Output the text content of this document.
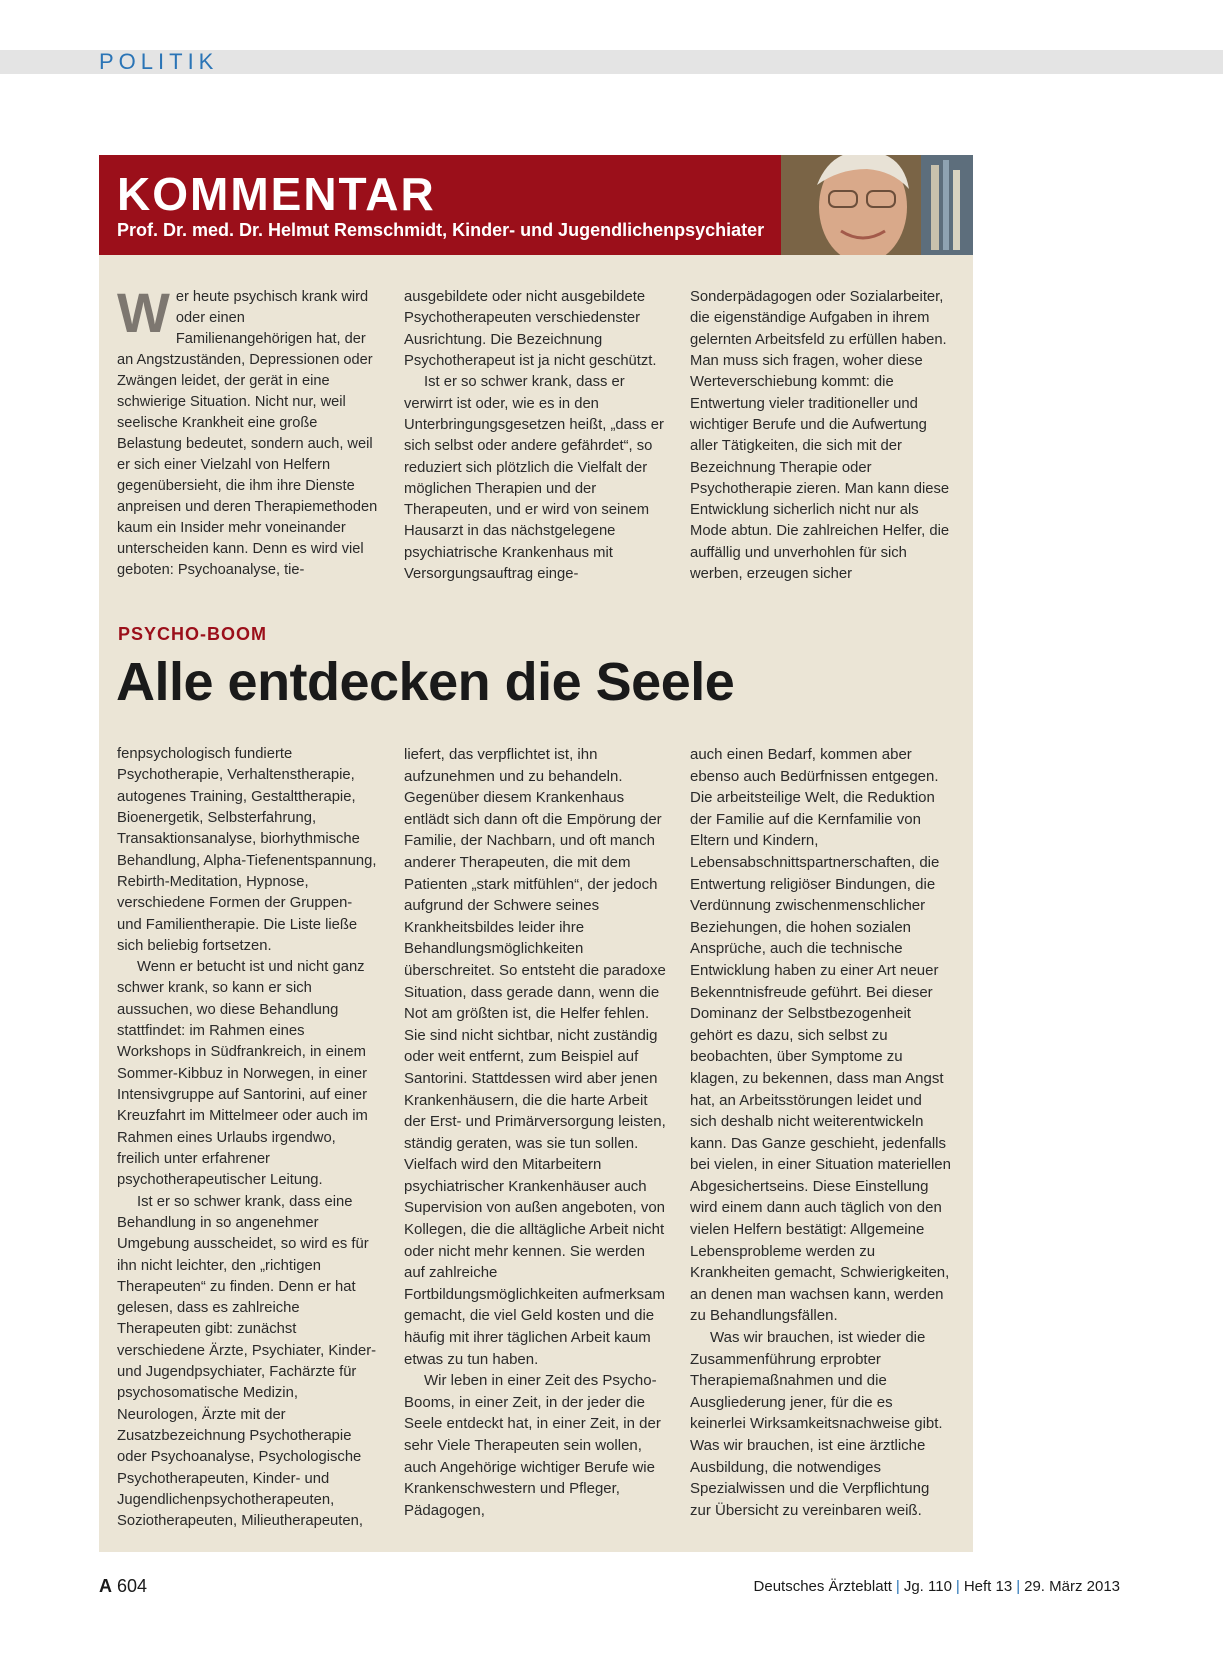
POLITIK
KOMMENTAR
Prof. Dr. med. Dr. Helmut Remschmidt, Kinder- und Jugendlichenpsychiater
W er heute psychisch krank wird oder einen Familienangehörigen hat, der an Angstzuständen, Depressionen oder Zwängen leidet, der gerät in eine schwierige Situation. Nicht nur, weil seelische Krankheit eine große Belastung bedeutet, sondern auch, weil er sich einer Vielzahl von Helfern gegenübersieht, die ihm ihre Dienste anpreisen und deren Therapiemethoden kaum ein Insider mehr voneinander unterscheiden kann. Denn es wird viel geboten: Psychoanalyse, tie-

ausgebildete oder nicht ausgebildete Psychotherapeuten verschiedenster Ausrichtung. Die Bezeichnung Psychotherapeut ist ja nicht geschützt.

Ist er so schwer krank, dass er verwirrt ist oder, wie es in den Unterbringungsgesetzen heißt, „dass er sich selbst oder andere gefährdet“, so reduziert sich plötzlich die Vielfalt der möglichen Therapien und der Therapeuten, und er wird von seinem Hausarzt in das nächstgelegene psychiatrische Krankenhaus mit Versorgungsauftrag einge-

Sonderpädagogen oder Sozialarbeiter, die eigenständige Aufgaben in ihrem gelernten Arbeitsfeld zu erfüllen haben. Man muss sich fragen, woher diese Werteverschiebung kommt: die Entwertung vieler traditioneller und wichtiger Berufe und die Aufwertung aller Tätigkeiten, die sich mit der Bezeichnung Therapie oder Psychotherapie zieren. Man kann diese Entwicklung sicherlich nicht nur als Mode abtun. Die zahlreichen Helfer, die auffällig und unverhohlen für sich werben, erzeugen sicher

PSYCHO-BOOM
Alle entdecken die Seele

fenpsychologisch fundierte Psychotherapie, Verhaltenstherapie, autogenes Training, Gestalttherapie, Bioenergetik, Selbsterfahrung, Transaktionsanalyse, biorhythmische Behandlung, Alpha-Tiefenentspannung, Rebirth-Meditation, Hypnose, verschiedene Formen der Gruppen- und Familientherapie. Die Liste ließe sich beliebig fortsetzen.

Wenn er betucht ist und nicht ganz schwer krank, so kann er sich aussuchen, wo diese Behandlung stattfindet: im Rahmen eines Workshops in Südfrankreich, in einem Sommer-Kibbuz in Norwegen, in einer Intensivgruppe auf Santorini, auf einer Kreuzfahrt im Mittelmeer oder auch im Rahmen eines Urlaubs irgendwo, freilich unter erfahrener psychotherapeutischer Leitung.

Ist er so schwer krank, dass eine Behandlung in so angenehmer Umgebung ausscheidet, so wird es für ihn nicht leichter, den „richtigen Therapeuten“ zu finden. Denn er hat gelesen, dass es zahlreiche Therapeuten gibt: zunächst verschiedene Ärzte, Psychiater, Kinder- und Jugendpsychiater, Fachärzte für psychosomatische Medizin, Neurologen, Ärzte mit der Zusatzbezeichnung Psychotherapie oder Psychoanalyse, Psychologische Psychotherapeuten, Kinder- und Jugendlichenpsychotherapeuten, Soziotherapeuten, Milieutherapeuten,

liefert, das verpflichtet ist, ihn aufzunehmen und zu behandeln. Gegenüber diesem Krankenhaus entlädt sich dann oft die Empörung der Familie, der Nachbarn, und oft manch anderer Therapeuten, die mit dem Patienten „stark mitfühlen“, der jedoch aufgrund der Schwere seines Krankheitsbildes leider ihre Behandlungsmöglichkeiten überschreitet. So entsteht die paradoxe Situation, dass gerade dann, wenn die Not am größten ist, die Helfer fehlen. Sie sind nicht sichtbar, nicht zuständig oder weit entfernt, zum Beispiel auf Santorini. Stattdessen wird aber jenen Krankenhäusern, die die harte Arbeit der Erst- und Primärversorgung leisten, ständig geraten, was sie tun sollen. Vielfach wird den Mitarbeitern psychiatrischer Krankenhäuser auch Supervision von außen angeboten, von Kollegen, die die alltägliche Arbeit nicht oder nicht mehr kennen. Sie werden auf zahlreiche Fortbildungsmöglichkeiten aufmerksam gemacht, die viel Geld kosten und die häufig mit ihrer täglichen Arbeit kaum etwas zu tun haben.

Wir leben in einer Zeit des Psycho-Booms, in einer Zeit, in der jeder die Seele entdeckt hat, in einer Zeit, in der sehr Viele Therapeuten sein wollen, auch Angehörige wichtiger Berufe wie Krankenschwestern und Pfleger, Pädagogen,

auch einen Bedarf, kommen aber ebenso auch Bedürfnissen entgegen. Die arbeitsteilige Welt, die Reduktion der Familie auf die Kernfamilie von Eltern und Kindern, Lebensabschnittspartnerschaften, die Entwertung religiöser Bindungen, die Verdünnung zwischenmenschlicher Beziehungen, die hohen sozialen Ansprüche, auch die technische Entwicklung haben zu einer Art neuer Bekenntnisfreude geführt. Bei dieser Dominanz der Selbstbezogenheit gehört es dazu, sich selbst zu beobachten, über Symptome zu klagen, zu bekennen, dass man Angst hat, an Arbeitsstörungen leidet und sich deshalb nicht weiterentwickeln kann. Das Ganze geschieht, jedenfalls bei vielen, in einer Situation materiellen Abgesichertseins. Diese Einstellung wird einem dann auch täglich von den vielen Helfern bestätigt: Allgemeine Lebensprobleme werden zu Krankheiten gemacht, Schwierigkeiten, an denen man wachsen kann, werden zu Behandlungsfällen.

Was wir brauchen, ist wieder die Zusammenführung erprobter Therapiemaßnahmen und die Ausgliederung jener, für die es keinerlei Wirksamkeitsnachweise gibt. Was wir brauchen, ist eine ärztliche Ausbildung, die notwendiges Spezialwissen und die Verpflichtung zur Übersicht zu vereinbaren weiß.

A 604	Deutsches Ärzteblatt | Jg. 110 | Heft 13 | 29. März 2013
